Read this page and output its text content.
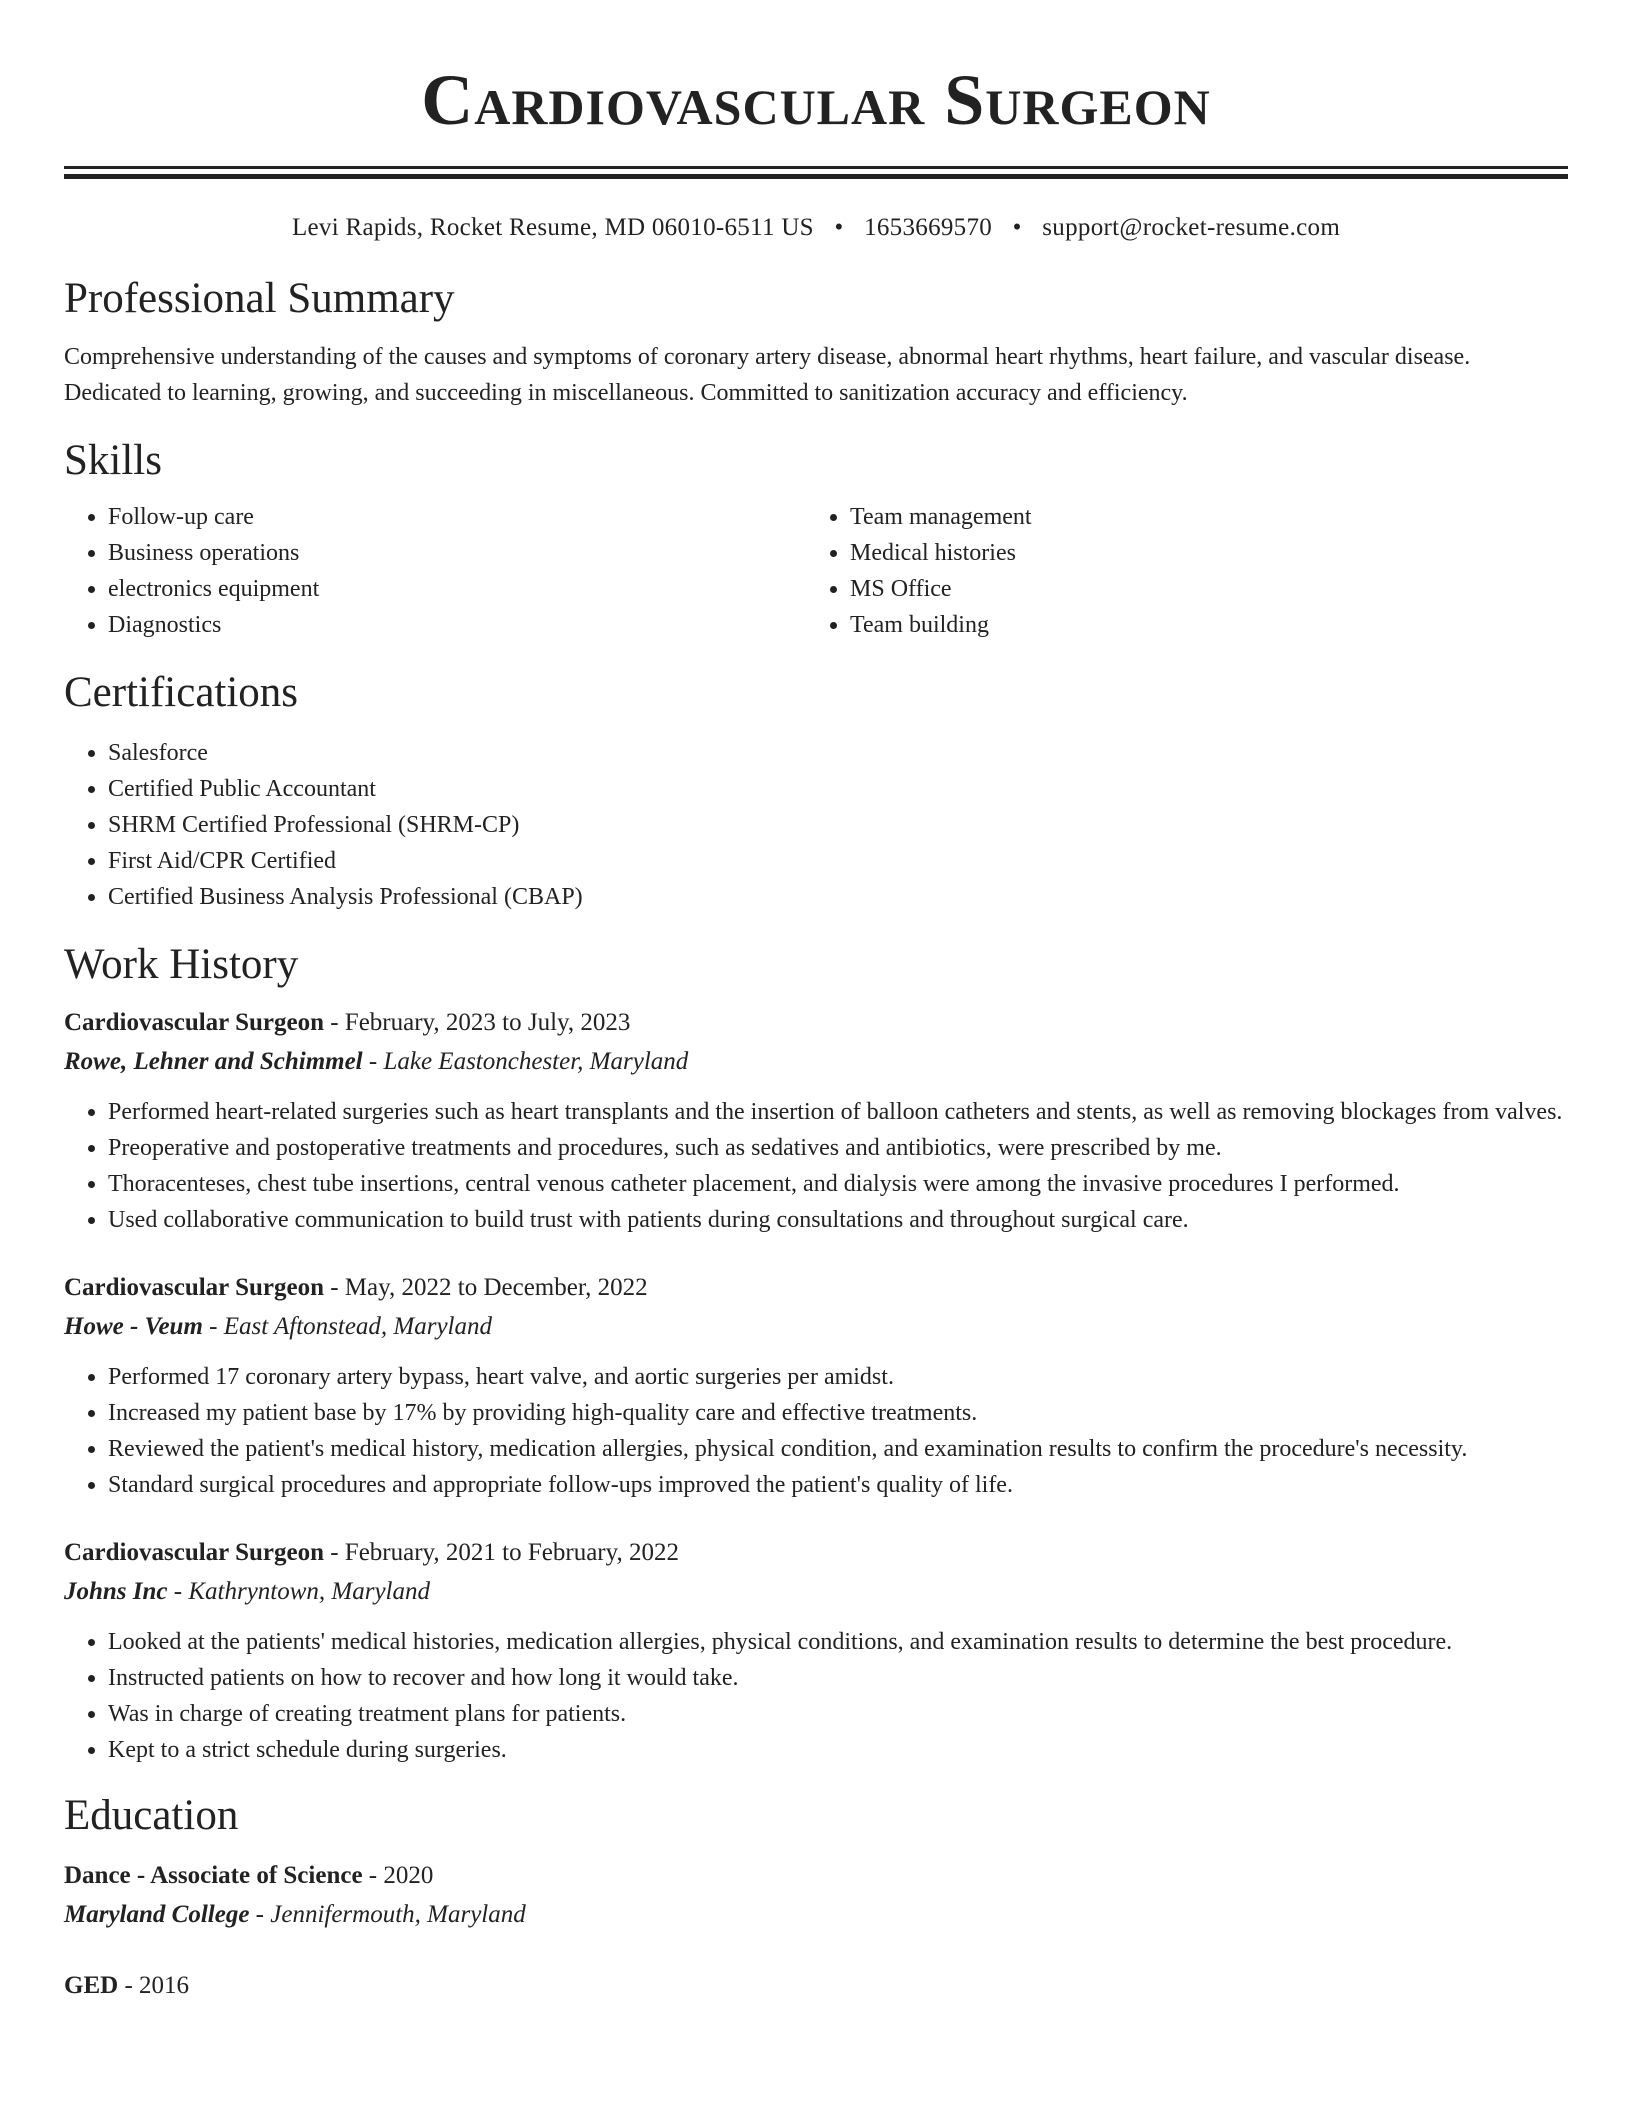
Cardiovascular Surgeon
Levi Rapids, Rocket Resume, MD 06010-6511 US • 1653669570 • support@rocket-resume.com
Professional Summary

Comprehensive understanding of the causes and symptoms of coronary artery disease, abnormal heart rhythms, heart failure, and vascular disease. Dedicated to learning, growing, and succeeding in miscellaneous. Committed to sanitization accuracy and efficiency.

Skills
• Follow-up care
• Business operations
• electronics equipment
• Diagnostics
• Team management
• Medical histories
• MS Office
• Team building
Certifications
• Salesforce
• Certified Public Accountant
• SHRM Certified Professional (SHRM-CP)
• First Aid/CPR Certified
• Certified Business Analysis Professional (CBAP)
Work History

Cardiovascular Surgeon - February, 2023 to July, 2023

Rowe, Lehner and Schimmel - Lake Eastonchester, Maryland

• Performed heart-related surgeries such as heart transplants and the insertion of balloon catheters and stents, as well as removing blockages from valves.
• Preoperative and postoperative treatments and procedures, such as sedatives and antibiotics, were prescribed by me.
• Thoracenteses, chest tube insertions, central venous catheter placement, and dialysis were among the invasive procedures I performed.
• Used collaborative communication to build trust with patients during consultations and throughout surgical care.

Cardiovascular Surgeon - May, 2022 to December, 2022

Howe - Veum - East Aftonstead, Maryland

• Performed 17 coronary artery bypass, heart valve, and aortic surgeries per amidst.
• Increased my patient base by 17% by providing high-quality care and effective treatments.
• Reviewed the patient's medical history, medication allergies, physical condition, and examination results to confirm the procedure's necessity.
• Standard surgical procedures and appropriate follow-ups improved the patient's quality of life.

Cardiovascular Surgeon - February, 2021 to February, 2022

Johns Inc - Kathryntown, Maryland

• Looked at the patients' medical histories, medication allergies, physical conditions, and examination results to determine the best procedure.
• Instructed patients on how to recover and how long it would take.
• Was in charge of creating treatment plans for patients.
• Kept to a strict schedule during surgeries.
Education

Dance - Associate of Science - 2020

Maryland College - Jennifermouth, Maryland

GED - 2016
